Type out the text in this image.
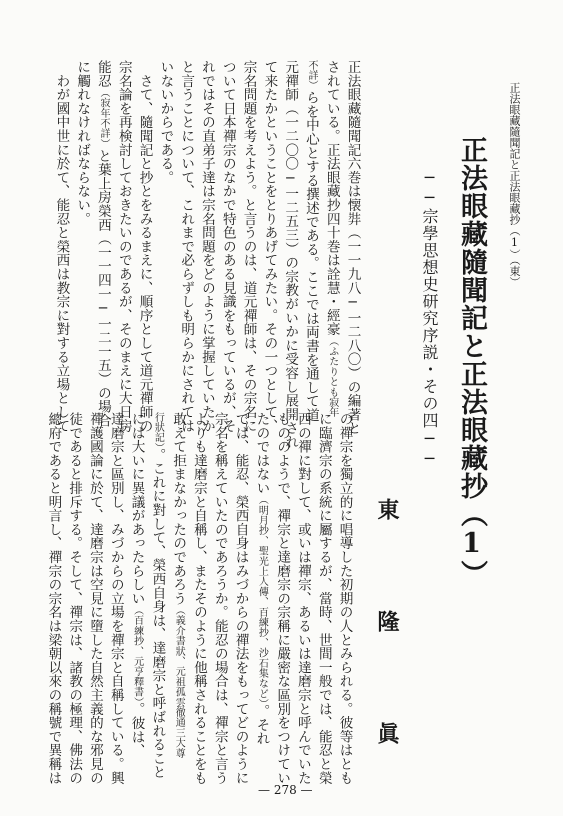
正法眼藏隨聞記と正法眼藏抄（1）（東）
正法眼藏隨聞記と正法眼藏抄（1）
──宗學思想史研究序説・その四──
東　隆　眞
正法眼藏隨聞記六巻は懐弉（一一九八─一二八〇）の編著と
されている。正法眼藏抄四十巻は詮慧・經豪（ふたりとも寂年
不詳）らを中心とする撰述である。ここでは両書を通して道
元禪師（一二〇〇─一二五三）の宗教がいかに受容し展開され
て来たかということをとりあげてみたい。その一つとして、
宗名問題を考えよう。と言うのは、道元禪師は、その宗名に
ついて日本禪宗のなかで特色のある見識をもっているが、そ
れではその直弟子達は宗名問題をどのように掌握していたか
と言うことについて、これまで必らずしも明らかにされては
いないからである。
　さて、隨聞記と抄とをみるまえに、順序として道元禪師の
宗名論を再検討しておきたいのであるが、そのまえに大日房
能忍（寂年不詳）と葉上房榮西（一一四一─一二一五）の場合
に觸れなければならない。
　わが國中世に於て、能忍と榮西は教宗に對する立場として
の禪宗を獨立的に唱導した初期の人とみられる。彼等はとも
に臨濟宗の系統に屬するが、當時、世間一般では、能忍と榮
西の禪に對して、或いは禪宗、あるいは達磨宗と呼んでいた
もののようで、禪宗と達磨宗の宗稱に嚴密な區別をつけてい
たのではない（明月抄、聖光上人傳、百練抄、沙石集など）。それ
では、能忍、榮西自身はみづからの禪法をもってどのように
宗名を稱えていたのであろうか。能忍の場合は、禪宗と言う
よりも達磨宗と自稱し、またそのように他稱されることをも
敢えて拒まなかったのであろう（義介書狀、元祖孤雲徹通三大尊
行狀記）。これに對して、榮西自身は、達磨宗と呼ばれること
には大いに異議があったらしい（百練抄、元亨釋書）。彼は、
達磨宗と區別し、みづからの立場を禪宗と自稱している。興
禪護國論に於て、達磨宗は空見に墮した自然主義的な邪見の
徒であると排斥する。そして、禪宗は、諸教の極理、佛法の
總府であると明言し、禪宗の宗名は梁朝以來の稱號で異稱は
— 278 —
